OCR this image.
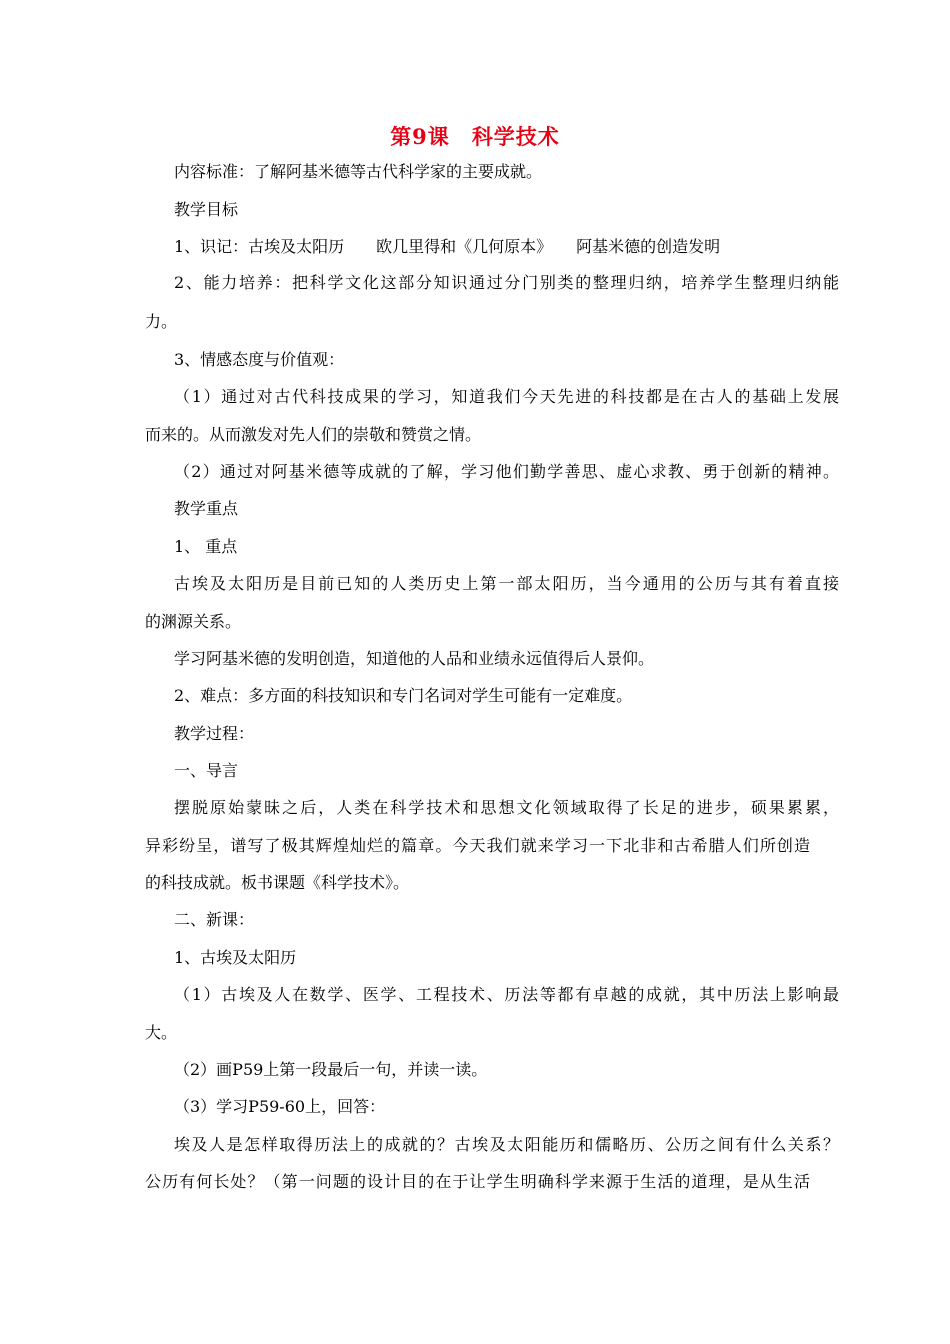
第9课　 科学技术
内容标准：了解阿基米德等古代科学家的主要成就。
教学目标
1、识记：古埃及太阳历　　欧几里得和《几何原本》　　阿基米德的创造发明
2、能力培养：把科学文化这部分知识通过分门别类的整理归纳，培养学生整理归纳能
力。
3、情感态度与价值观：
（1）通过对古代科技成果的学习，知道我们今天先进的科技都是在古人的基础上发展
而来的。从而激发对先人们的崇敬和赞赏之情。
（2）通过对阿基米德等成就的了解，学习他们勤学善思、虚心求教、勇于创新的精神。
教学重点
1、 重点
古埃及太阳历是目前已知的人类历史上第一部太阳历，当今通用的公历与其有着直接
的渊源关系。
学习阿基米德的发明创造，知道他的人品和业绩永远值得后人景仰。
2、难点：多方面的科技知识和专门名词对学生可能有一定难度。
教学过程：
一、导言
摆脱原始蒙昧之后，人类在科学技术和思想文化领域取得了长足的进步，硕果累累，
异彩纷呈，谱写了极其辉煌灿烂的篇章。今天我们就来学习一下北非和古希腊人们所创造
的科技成就。板书课题《科学技术》。
二、新课：
1、古埃及太阳历
（1）古埃及人在数学、医学、工程技术、历法等都有卓越的成就，其中历法上影响最
大。
（2）画P59上第一段最后一句，并读一读。
（3）学习P59-60上，回答：
埃及人是怎样取得历法上的成就的？古埃及太阳能历和儒略历、公历之间有什么关系？
公历有何长处？（第一问题的设计目的在于让学生明确科学来源于生活的道理，是从生活
